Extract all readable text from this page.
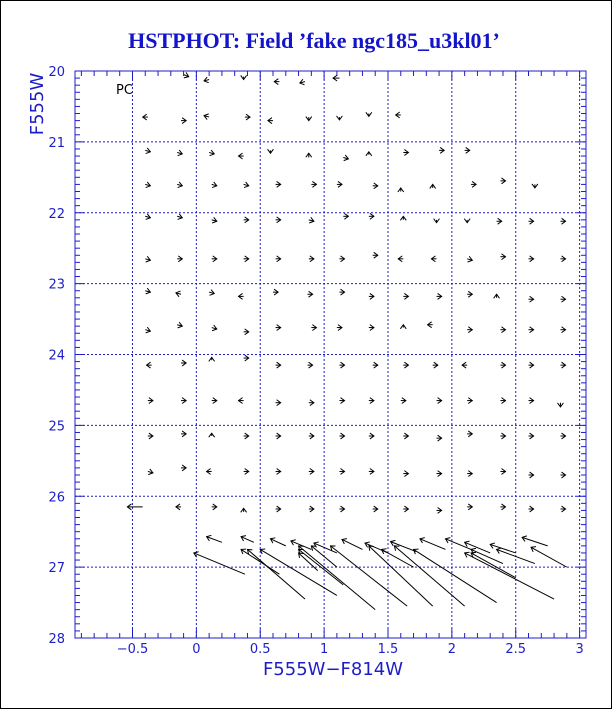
HSTPHOT: Field ’fake ngc185_u3kl01’
−0.5	0	0.5	1	1.5	2	2.5	3
20
21
22
23
24
25
26
27
28
F555W−F814W
F555W	PC
